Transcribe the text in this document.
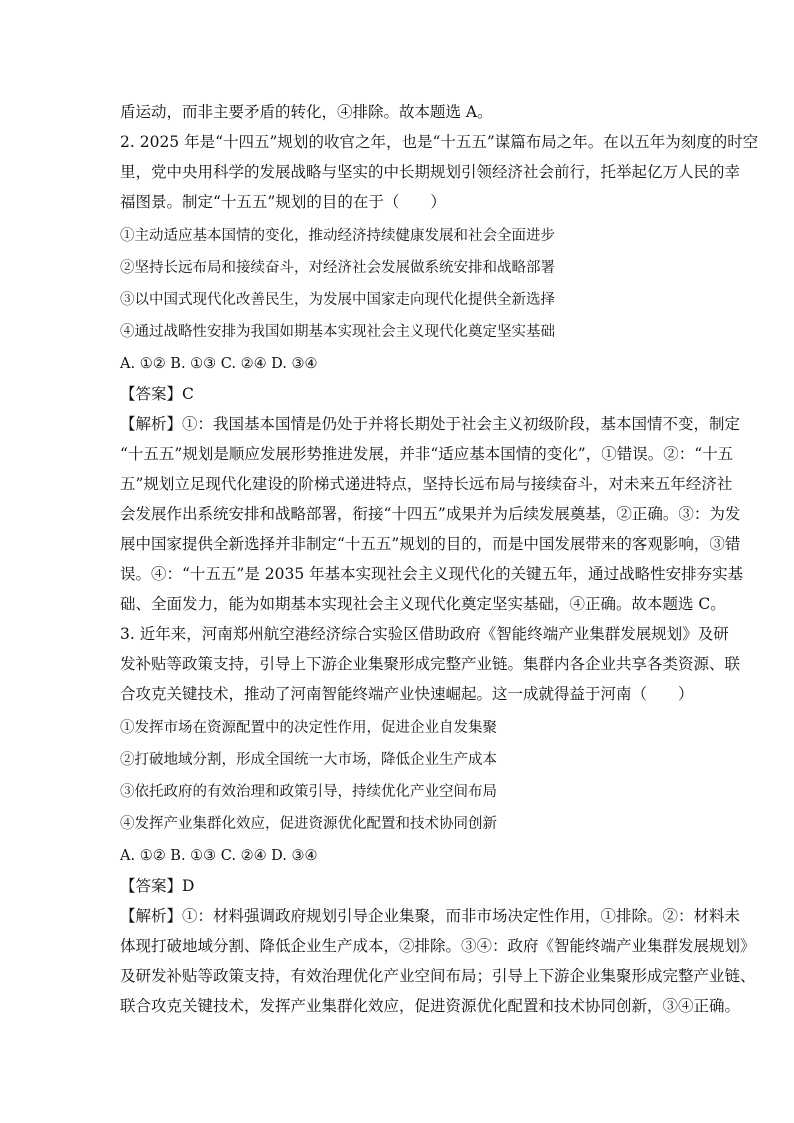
盾运动，而非主要矛盾的转化，④排除。故本题选 A。
2. 2025 年是“十四五”规划的收官之年，也是“十五五”谋篇布局之年。在以五年为刻度的时空
里，党中央用科学的发展战略与坚实的中长期规划引领经济社会前行，托举起亿万人民的幸
福图景。制定“十五五”规划的目的在于（　　）
①主动适应基本国情的变化，推动经济持续健康发展和社会全面进步
②坚持长远布局和接续奋斗，对经济社会发展做系统安排和战略部署
③以中国式现代化改善民生，为发展中国家走向现代化提供全新选择
④通过战略性安排为我国如期基本实现社会主义现代化奠定坚实基础
A. ①② B. ①③ C. ②④ D. ③④
【答案】C
【解析】①：我国基本国情是仍处于并将长期处于社会主义初级阶段，基本国情不变，制定
“十五五”规划是顺应发展形势推进发展，并非“适应基本国情的变化”，①错误。②：“十五
五”规划立足现代化建设的阶梯式递进特点，坚持长远布局与接续奋斗，对未来五年经济社
会发展作出系统安排和战略部署，衔接“十四五”成果并为后续发展奠基，②正确。③：为发
展中国家提供全新选择并非制定“十五五”规划的目的，而是中国发展带来的客观影响，③错
误。④：“十五五”是 2035 年基本实现社会主义现代化的关键五年，通过战略性安排夯实基
础、全面发力，能为如期基本实现社会主义现代化奠定坚实基础，④正确。故本题选 C。
3. 近年来，河南郑州航空港经济综合实验区借助政府《智能终端产业集群发展规划》及研
发补贴等政策支持，引导上下游企业集聚形成完整产业链。集群内各企业共享各类资源、联
合攻克关键技术，推动了河南智能终端产业快速崛起。这一成就得益于河南（　　）
①发挥市场在资源配置中的决定性作用，促进企业自发集聚
②打破地域分割，形成全国统一大市场，降低企业生产成本
③依托政府的有效治理和政策引导，持续优化产业空间布局
④发挥产业集群化效应，促进资源优化配置和技术协同创新
A. ①② B. ①③ C. ②④ D. ③④
【答案】D
【解析】①：材料强调政府规划引导企业集聚，而非市场决定性作用，①排除。②：材料未
体现打破地域分割、降低企业生产成本，②排除。③④：政府《智能终端产业集群发展规划》
及研发补贴等政策支持，有效治理优化产业空间布局；引导上下游企业集聚形成完整产业链、
联合攻克关键技术，发挥产业集群化效应，促进资源优化配置和技术协同创新，③④正确。
